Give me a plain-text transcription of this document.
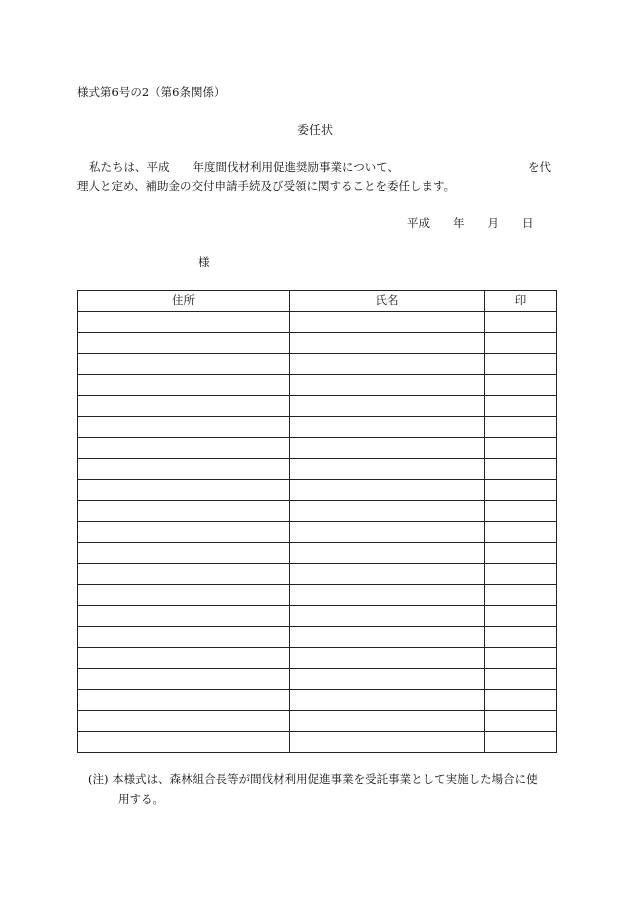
様式第6号の2（第6条関係）

委任状

私たちは、平成　　年度間伐材利用促進奨励事業について、	を代

理人と定め、補助金の交付申請手続及び受領に関することを委任します。

平成　　年　　月　　日

様

住所	氏名	印

(注) 本様式は、森林組合長等が間伐材利用促進事業を受託事業として実施した場合に使

用する。
